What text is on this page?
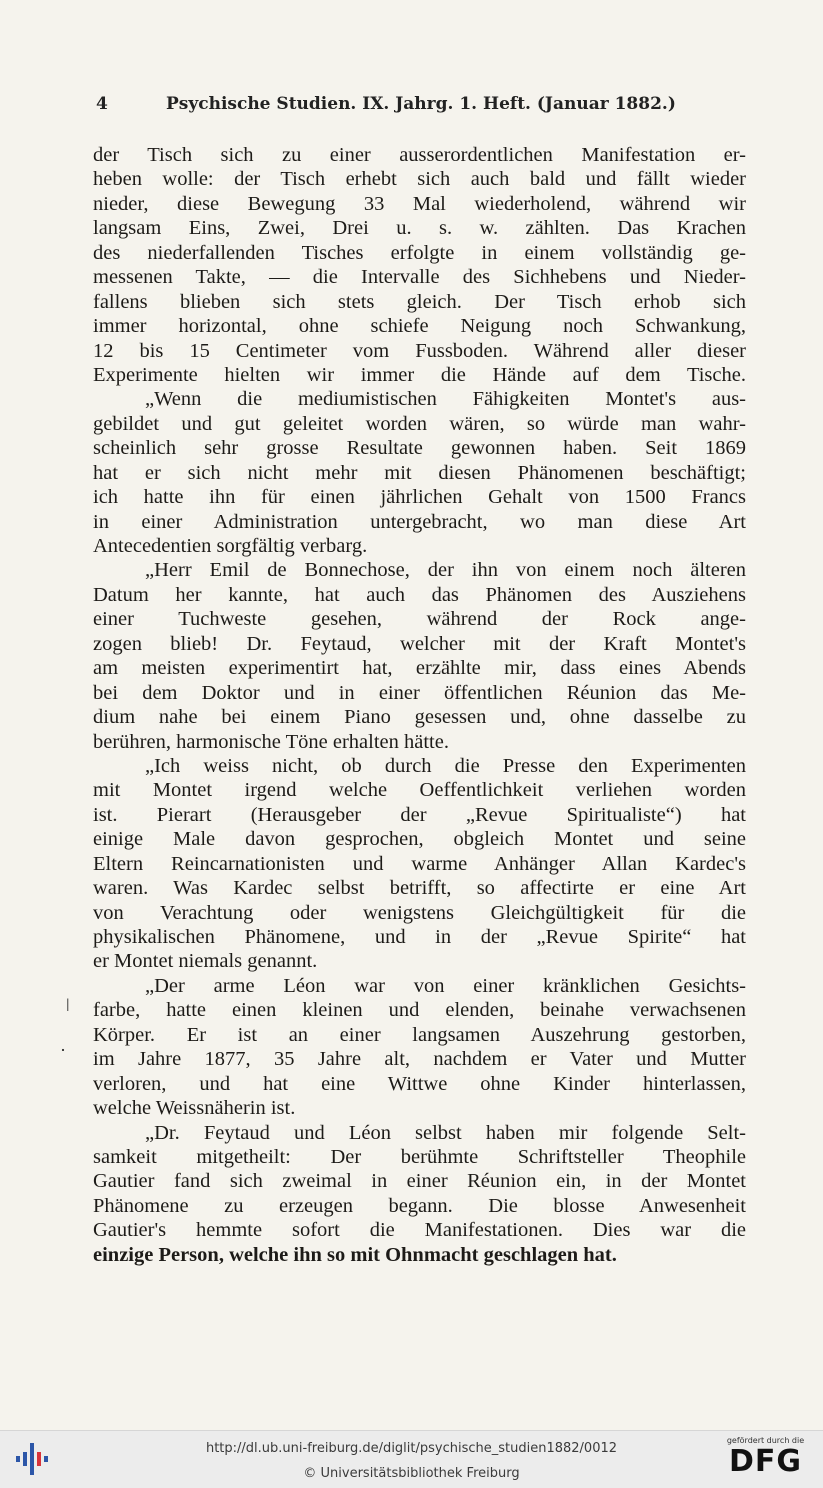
4	Psychische Studien. IX. Jahrg. 1. Heft. (Januar 1882.)
der Tisch sich zu einer ausserordentlichen Manifestation er-
heben wolle: der Tisch erhebt sich auch bald und fällt wieder
nieder, diese Bewegung 33 Mal wiederholend, während wir
langsam Eins, Zwei, Drei u. s. w. zählten. Das Krachen
des niederfallenden Tisches erfolgte in einem vollständig ge-
messenen Takte, — die Intervalle des Sichhebens und Nieder-
fallens blieben sich stets gleich. Der Tisch erhob sich
immer horizontal, ohne schiefe Neigung noch Schwankung,
12 bis 15 Centimeter vom Fussboden. Während aller dieser
Experimente hielten wir immer die Hände auf dem Tische.
„Wenn die mediumistischen Fähigkeiten Montet's aus-
gebildet und gut geleitet worden wären, so würde man wahr-
scheinlich sehr grosse Resultate gewonnen haben. Seit 1869
hat er sich nicht mehr mit diesen Phänomenen beschäftigt;
ich hatte ihn für einen jährlichen Gehalt von 1500 Francs
in einer Administration untergebracht, wo man diese Art
Antecedentien sorgfältig verbarg.
„Herr Emil de Bonnechose, der ihn von einem noch älteren
Datum her kannte, hat auch das Phänomen des Ausziehens
einer Tuchweste gesehen, während der Rock ange-
zogen blieb! Dr. Feytaud, welcher mit der Kraft Montet's
am meisten experimentirt hat, erzählte mir, dass eines Abends
bei dem Doktor und in einer öffentlichen Réunion das Me-
dium nahe bei einem Piano gesessen und, ohne dasselbe zu
berühren, harmonische Töne erhalten hätte.
„Ich weiss nicht, ob durch die Presse den Experimenten
mit Montet irgend welche Oeffentlichkeit verliehen worden
ist. Pierart (Herausgeber der „Revue Spiritualiste“) hat
einige Male davon gesprochen, obgleich Montet und seine
Eltern Reincarnationisten und warme Anhänger Allan Kardec's
waren. Was Kardec selbst betrifft, so affectirte er eine Art
von Verachtung oder wenigstens Gleichgültigkeit für die
physikalischen Phänomene, und in der „Revue Spirite“ hat
er Montet niemals genannt.
„Der arme Léon war von einer kränklichen Gesichts-
farbe, hatte einen kleinen und elenden, beinahe verwachsenen
Körper. Er ist an einer langsamen Auszehrung gestorben,
im Jahre 1877, 35 Jahre alt, nachdem er Vater und Mutter
verloren, und hat eine Wittwe ohne Kinder hinterlassen,
welche Weissnäherin ist.
„Dr. Feytaud und Léon selbst haben mir folgende Selt-
samkeit mitgetheilt: Der berühmte Schriftsteller Theophile
Gautier fand sich zweimal in einer Réunion ein, in der Montet
Phänomene zu erzeugen begann. Die blosse Anwesenheit
Gautier's hemmte sofort die Manifestationen. Dies war die
einzige Person, welche ihn so mit Ohnmacht geschlagen hat.
ǀ
·
http://dl.ub.uni-freiburg.de/diglit/psychische_studien1882/0012
© Universitätsbibliothek Freiburg
gefördert durch die
DFG
